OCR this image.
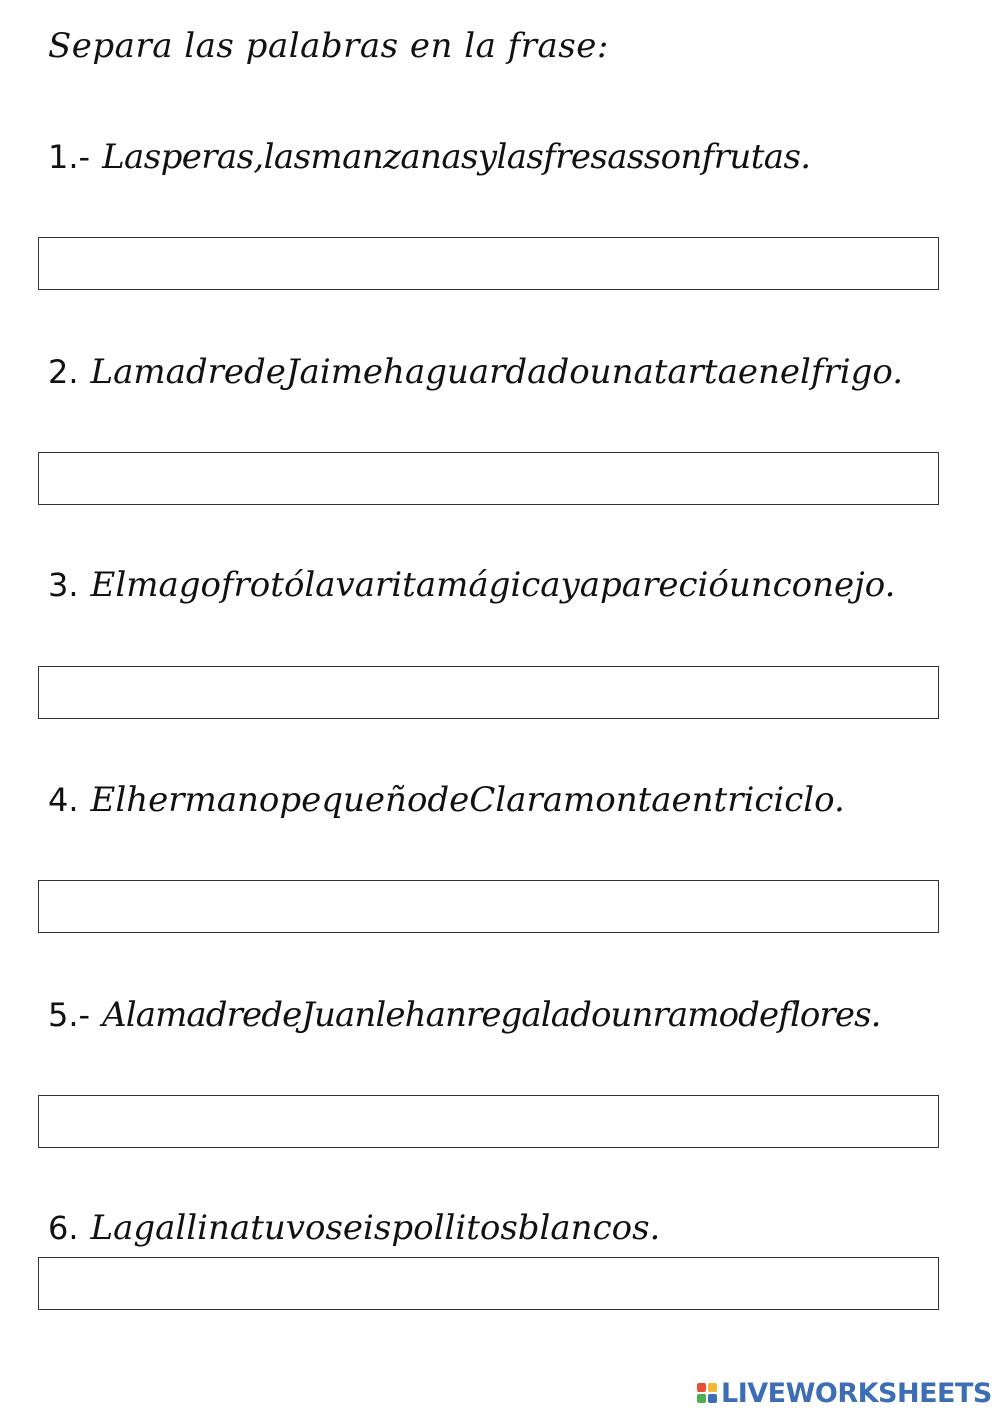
Separa las palabras en la frase:
1.- Lasperas,lasmanzanasylasfresassonfrutas.
2. LamadredeJaimehaguardadounatartaenelfrigo.
3. Elmagofrotólavaritamágicayaparecióunconejo.
4. ElhermanopequeñodeClaramontaentriciclo.
5.- AlamadredeJuanlehanregaladounramodeflores.
6. Lagallinatuvoseispollitosblancos.
LIVEWORKSHEETS
